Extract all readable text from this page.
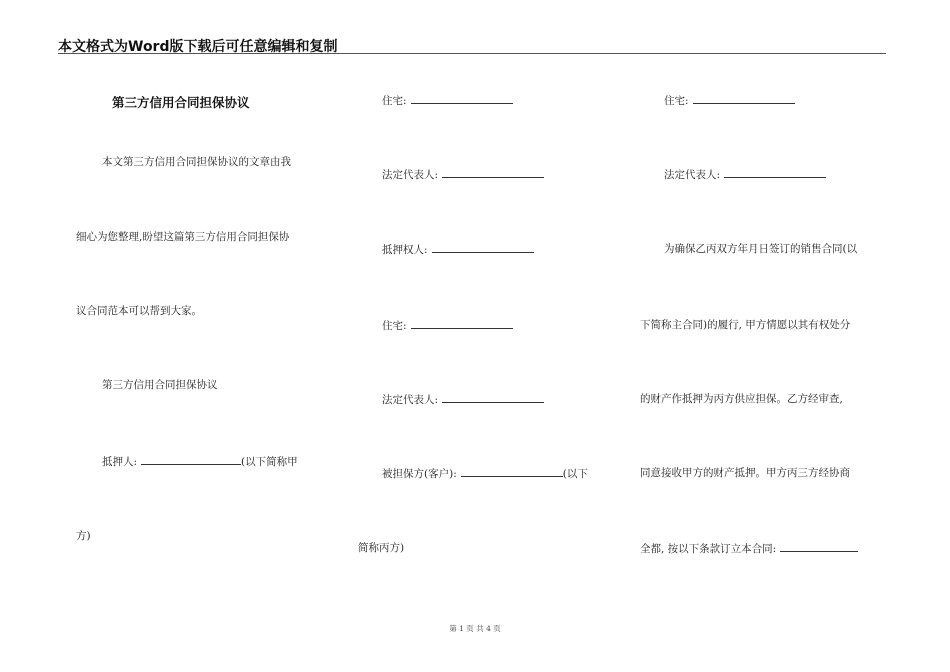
本文格式为Word版下载后可任意编辑和复制
第三方信用合同担保协议
本文第三方信用合同担保协议的文章由我
细心为您整理,盼望这篇第三方信用合同担保协
议合同范本可以帮到大家。
第三方信用合同担保协议
抵押人:	(以下简称甲
方)
住宅:
法定代表人:
抵押权人:
住宅:
法定代表人:
被担保方(客户):	(以下
简称丙方)
住宅:
法定代表人:
为确保乙丙双方年月日签订的销售合同(以
下简称主合同)的履行, 甲方情愿以其有权处分
的财产作抵押为丙方供应担保。乙方经审查,
同意接收甲方的财产抵押。甲方丙三方经协商
全都, 按以下条款订立本合同:
第 1 页 共 4 页
